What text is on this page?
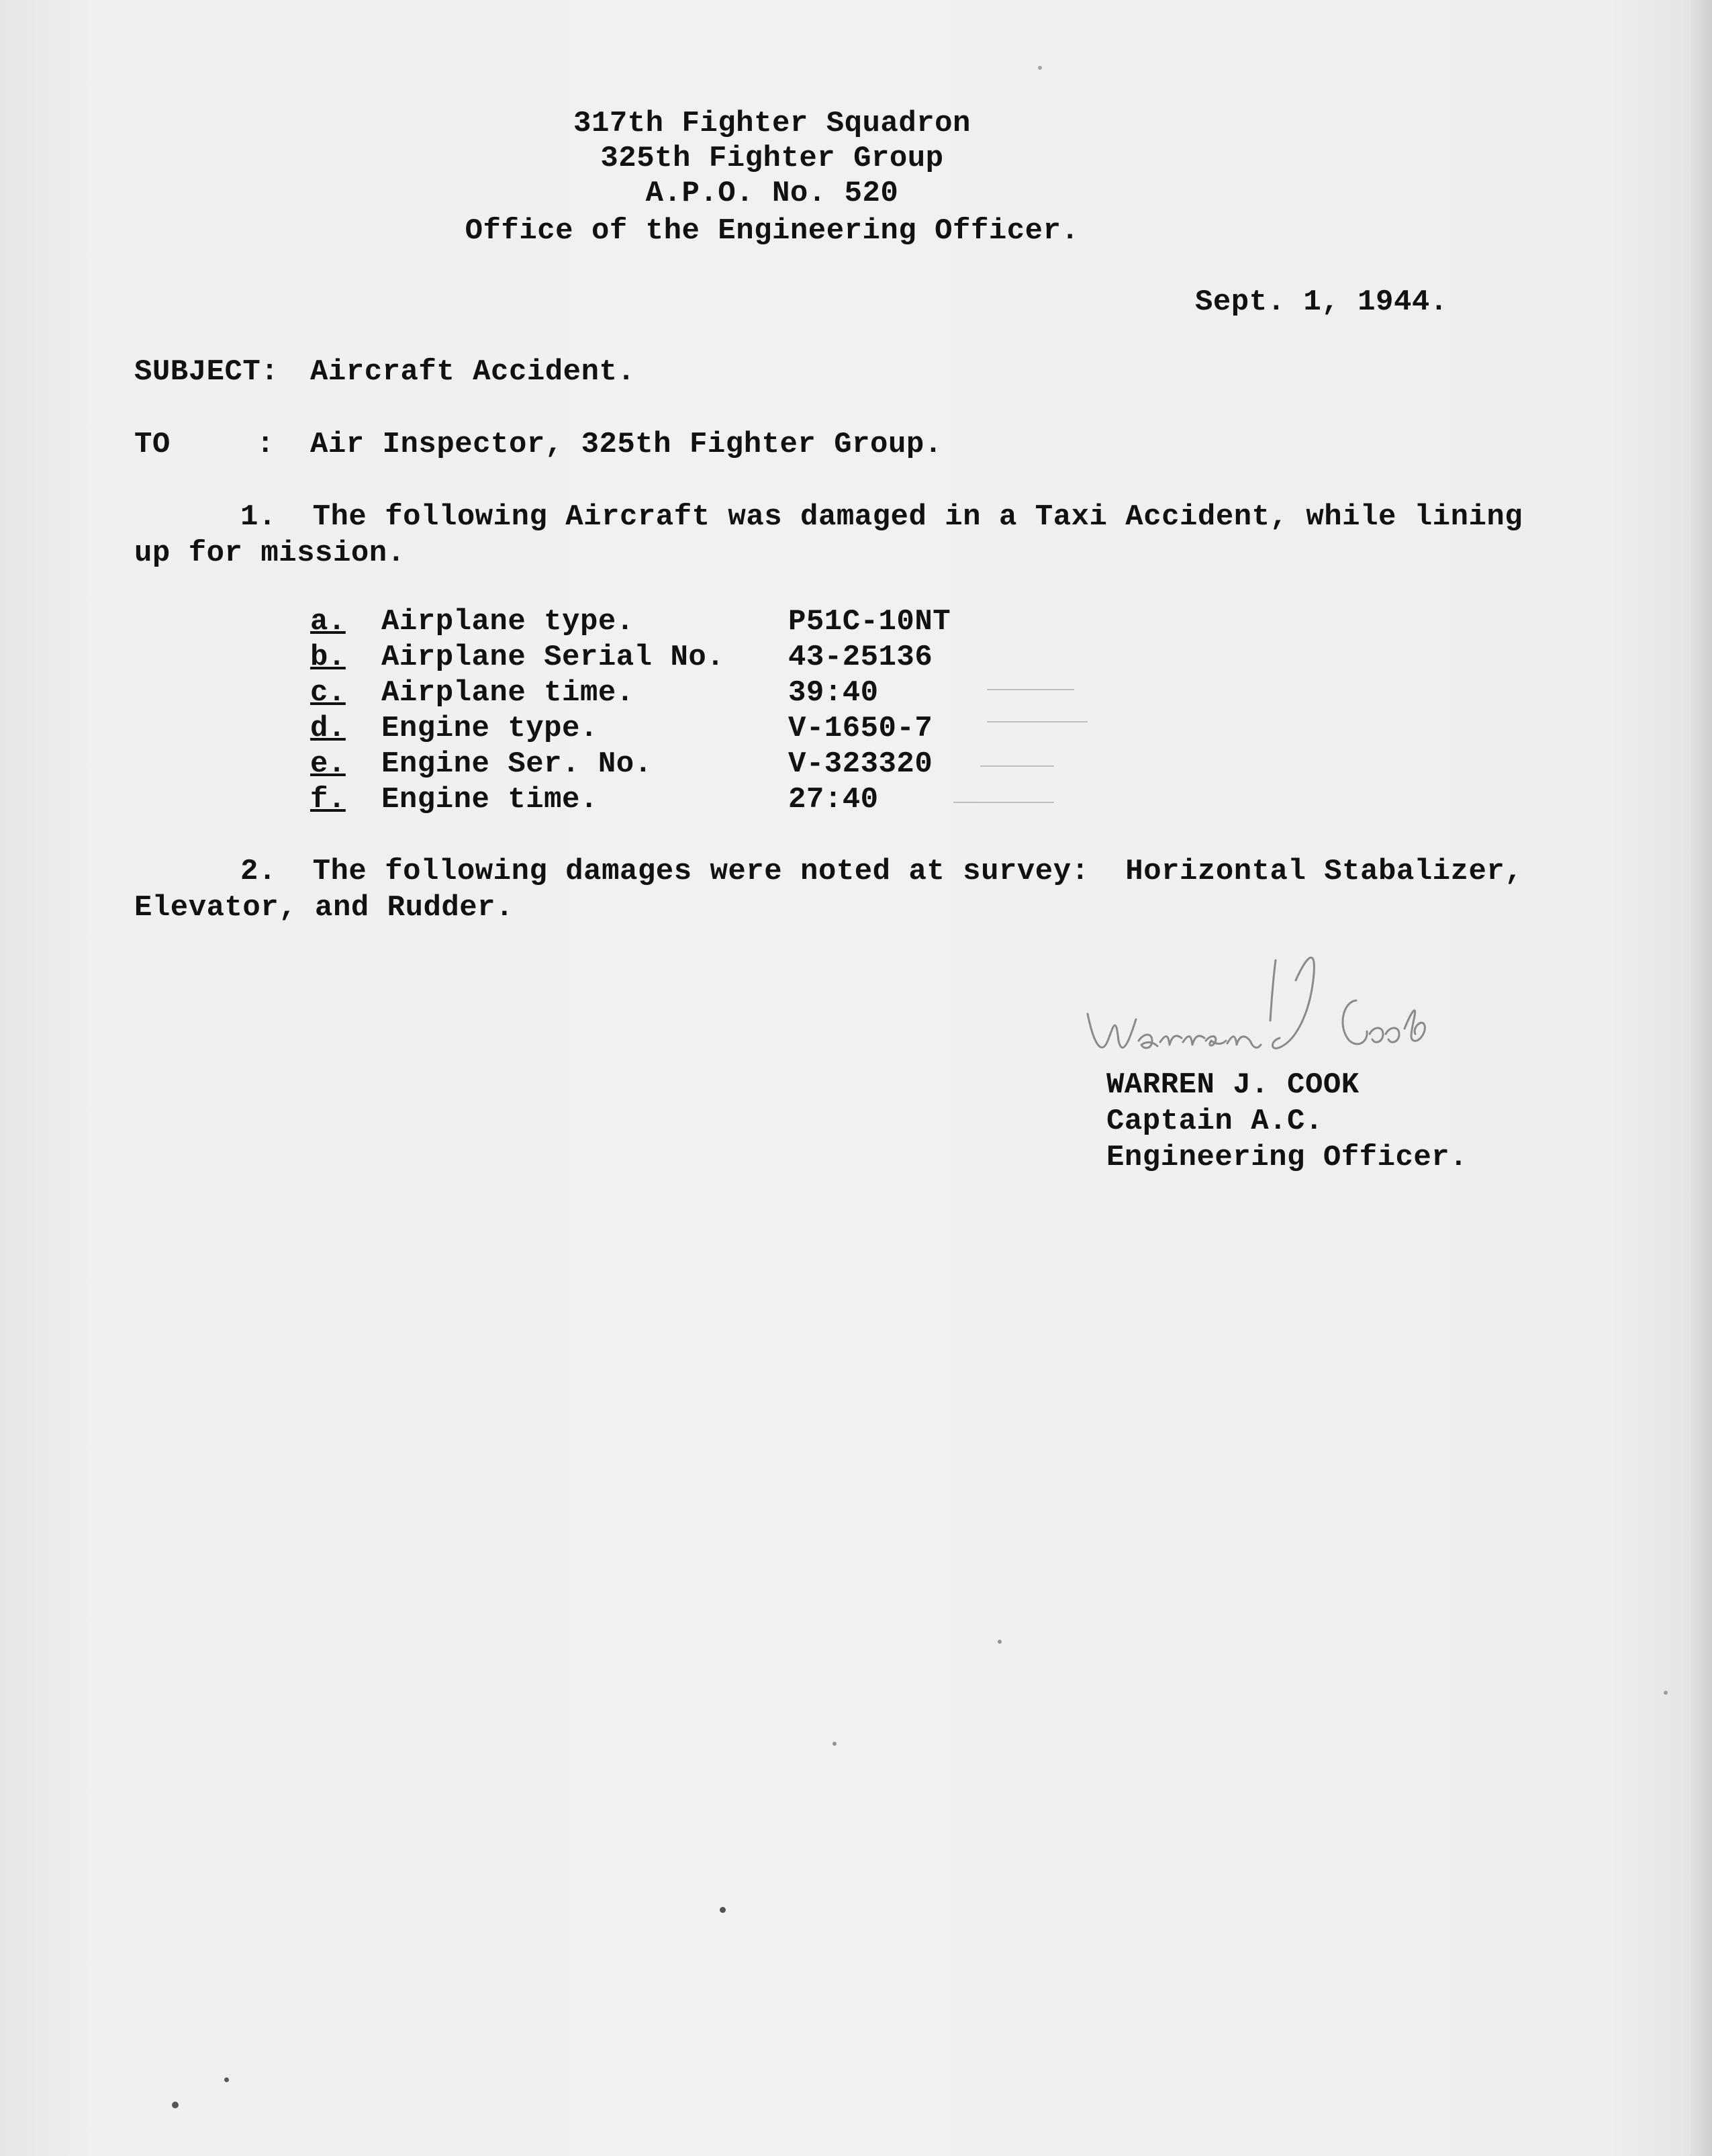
317th Fighter Squadron
325th Fighter Group
A.P.O. No. 520
Office of the Engineering Officer.
Sept. 1, 1944.
SUBJECT: Aircraft Accident.
TO	: Air Inspector, 325th Fighter Group.
1.  The following Aircraft was damaged in a Taxi Accident, while lining
up for mission.
a. Airplane type.	P51C-10NT
b. Airplane Serial No. 43-25136
c. Airplane time.	39:40
d. Engine type.	V-1650-7
e. Engine Ser. No.	V-323320
f. Engine time.	27:40
2.  The following damages were noted at survey:  Horizontal Stabalizer,
Elevator, and Rudder.
WARREN J. COOK
Captain A.C.
Engineering Officer.
